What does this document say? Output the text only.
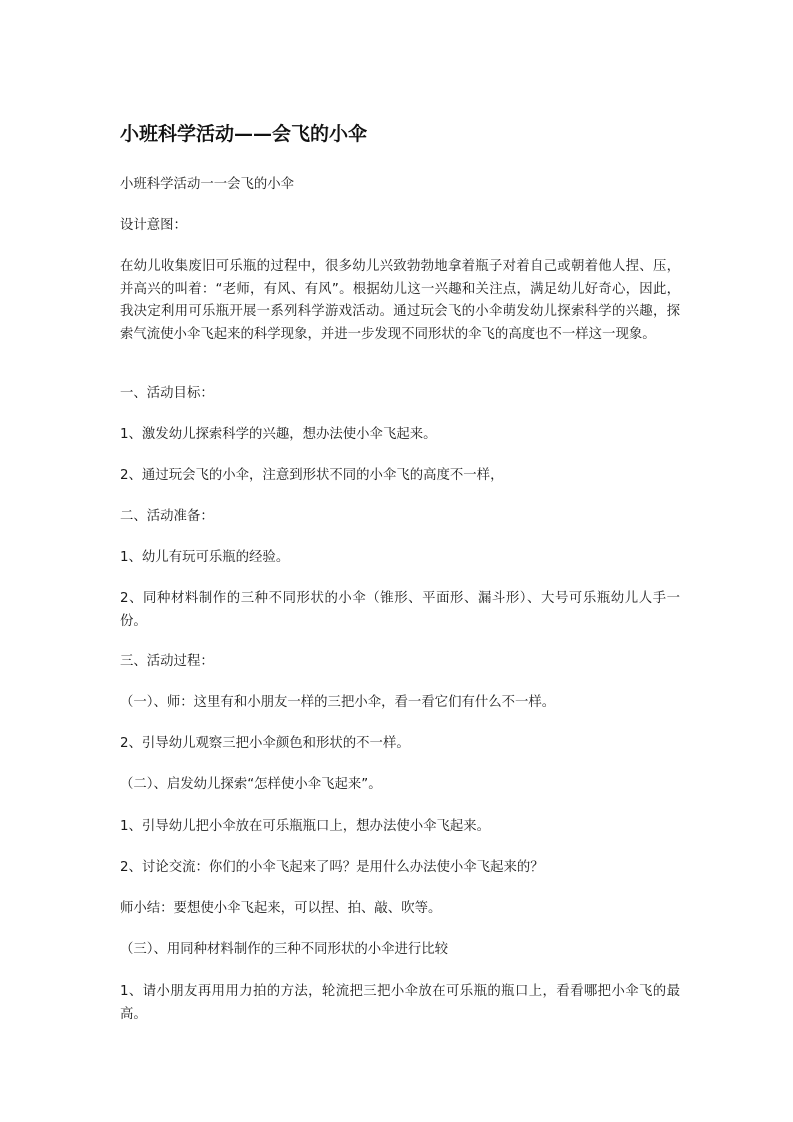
小班科学活动——会飞的小伞

小班科学活动一一会飞的小伞

设计意图：

在幼儿收集废旧可乐瓶的过程中，很多幼儿兴致勃勃地拿着瓶子对着自己或朝着他人捏、压，并高兴的叫着：“老师，有风、有风”。根据幼儿这一兴趣和关注点，满足幼儿好奇心，因此，我决定利用可乐瓶开展一系列科学游戏活动。通过玩会飞的小伞萌发幼儿探索科学的兴趣，探索气流使小伞飞起来的科学现象，并进一步发现不同形状的伞飞的高度也不一样这一现象。

一、活动目标：

1、激发幼儿探索科学的兴趣，想办法使小伞飞起来。

2、通过玩会飞的小伞，注意到形状不同的小伞飞的高度不一样，

二、活动准备：

1、幼儿有玩可乐瓶的经验。

2、同种材料制作的三种不同形状的小伞（锥形、平面形、漏斗形）、大号可乐瓶幼儿人手一份。

三、活动过程：

（一）、师：这里有和小朋友一样的三把小伞，看一看它们有什么不一样。

2、引导幼儿观察三把小伞颜色和形状的不一样。

（二）、启发幼儿探索“怎样使小伞飞起来”。

1、引导幼儿把小伞放在可乐瓶瓶口上，想办法使小伞飞起来。

2、讨论交流：你们的小伞飞起来了吗？是用什么办法使小伞飞起来的？

师小结：要想使小伞飞起来，可以捏、拍、敲、吹等。

（三）、用同种材料制作的三种不同形状的小伞进行比较

1、请小朋友再用用力拍的方法，轮流把三把小伞放在可乐瓶的瓶口上，看看哪把小伞飞的最高。
